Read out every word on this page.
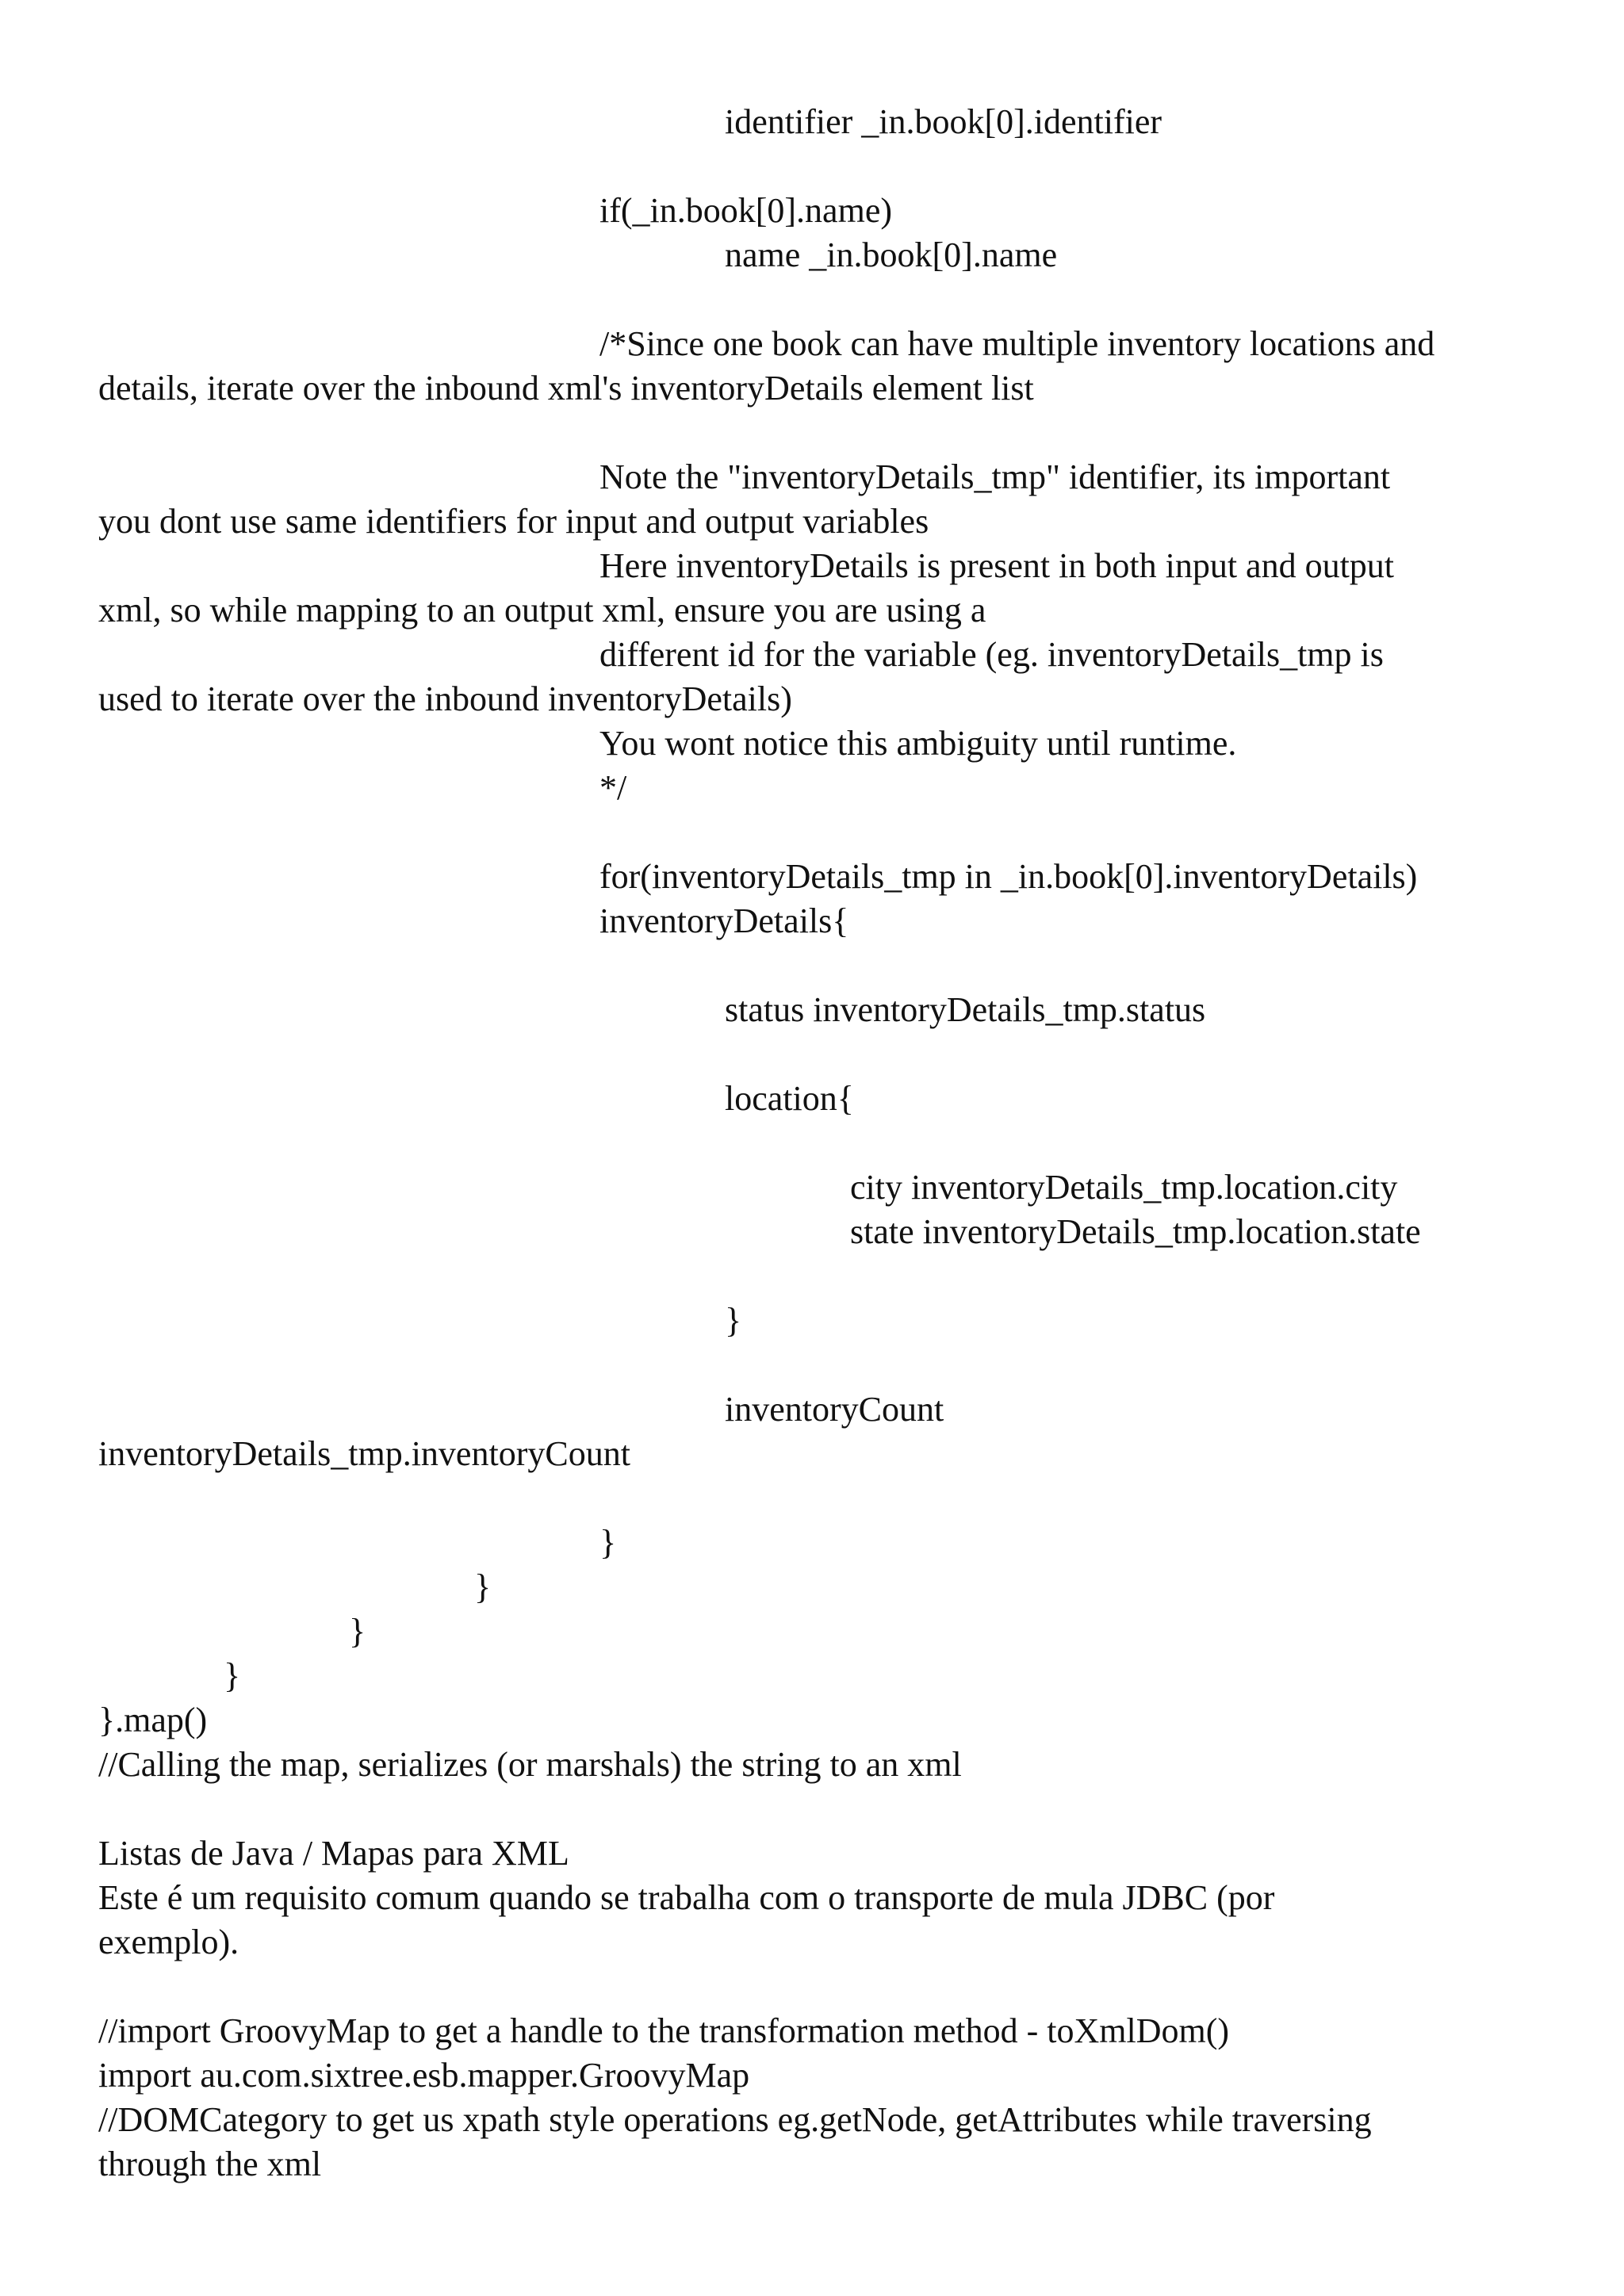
identifier _in.book[0].identifier
if(_in.book[0].name)
name _in.book[0].name
/*Since one book can have multiple inventory locations and
details, iterate over the inbound xml's inventoryDetails element list
Note the "inventoryDetails_tmp" identifier, its important
you dont use same identifiers for input and output variables
Here inventoryDetails is present in both input and output
xml, so while mapping to an output xml, ensure you are using a
different id for the variable (eg. inventoryDetails_tmp is
used to iterate over the inbound inventoryDetails)
You wont notice this ambiguity until runtime.
*/
for(inventoryDetails_tmp in _in.book[0].inventoryDetails)
inventoryDetails{
status inventoryDetails_tmp.status
location{
city inventoryDetails_tmp.location.city
state inventoryDetails_tmp.location.state
}
inventoryCount
inventoryDetails_tmp.inventoryCount
}
}
}
}
}.map()
//Calling the map, serializes (or marshals) the string to an xml
Listas de Java / Mapas para XML
Este é um requisito comum quando se trabalha com o transporte de mula JDBC (por
exemplo).
//import GroovyMap to get a handle to the transformation method - toXmlDom()
import au.com.sixtree.esb.mapper.GroovyMap
//DOMCategory to get us xpath style operations eg.getNode, getAttributes while traversing
through the xml
